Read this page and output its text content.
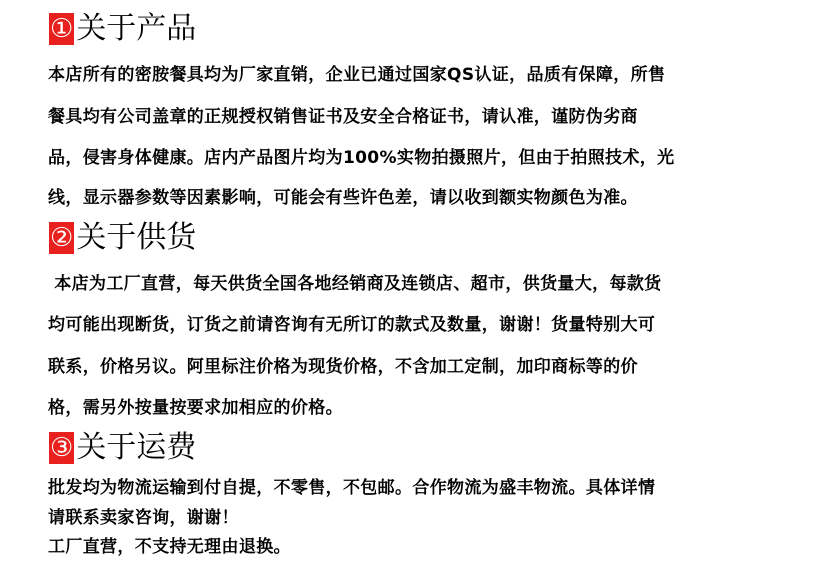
① 关于产品
本店所有的密胺餐具均为厂家直销，企业已通过国家QS认证，品质有保障，所售
餐具均有公司盖章的正规授权销售证书及安全合格证书，请认准，谨防伪劣商
品，侵害身体健康。店内产品图片均为100%实物拍摄照片，但由于拍照技术，光
线，显示器参数等因素影响，可能会有些许色差，请以收到额实物颜色为准。
② 关于供货
本店为工厂直营，每天供货全国各地经销商及连锁店、超市，供货量大，每款货
均可能出现断货，订货之前请咨询有无所订的款式及数量，谢谢！货量特别大可
联系，价格另议。阿里标注价格为现货价格，不含加工定制，加印商标等的价
格，需另外按量按要求加相应的价格。
③ 关于运费
批发均为物流运输到付自提，不零售，不包邮。合作物流为盛丰物流。具体详情
请联系卖家咨询，谢谢！
工厂直营，不支持无理由退换。
